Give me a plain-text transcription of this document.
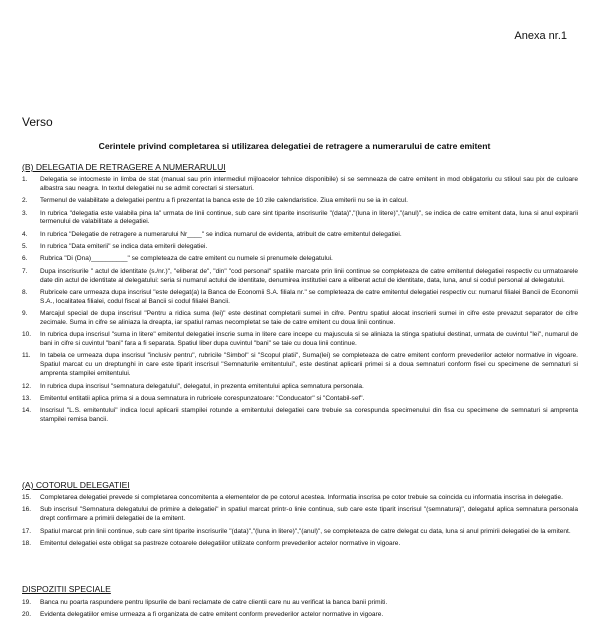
Anexa nr.1
Verso
Cerintele privind completarea si utilizarea delegatiei de retragere a numerarului de catre emitent
(B) DELEGATIA DE RETRAGERE A NUMERARULUI
1. Delegatia se intocmeste in limba de stat (manual sau prin intermediul mijloacelor tehnice disponibile) si se semneaza de catre emitent in mod obligatoriu cu stiloul sau pix de culoare albastra sau neagra. In textul delegatiei nu se admit corectari si stersaturi.
2. Termenul de valabilitate a delegatiei pentru a fi prezentat la banca este de 10 zile calendaristice. Ziua emiterii nu se ia in calcul.
3. In rubrica "delegatia este valabila pina la" urmata de linii continue, sub care sint tiparite inscrisurile "(data)","(luna in litere)","(anul)", se indica de catre emitent data, luna si anul expirarii termenului de valabilitate a delegatiei.
4. In rubrica "Delegatie de retragere a numerarului Nr____" se indica numarul de evidenta, atribuit de catre emitentul delegatiei.
5. In rubrica "Data emiterii" se indica data emiterii delegatiei.
6. Rubrica "Di (Dna)__________" se completeaza de catre emitent cu numele si prenumele delegatului.
7. Dupa inscrisurile " actul de identitate (s./nr.)", "eliberat de", "din" "cod personal" spatiile marcate prin linii continue se completeaza de catre emitentul delegatiei respectiv cu urmatoarele date din actul de identitate al delegatului: seria si numarul actului de identitate, denumirea institutiei care a eliberat actul de identitate, data, luna, anul si codul personal al delegatului.
8. Rubricele care urmeaza dupa inscrisul "este delegat(a) la Banca de Economii S.A. filiala nr." se completeaza de catre emitentul delegatiei respectiv cu: numarul filialei Bancii de Economii S.A., localitatea filialei, codul fiscal al Bancii si codul filialei Bancii.
9. Marcajul special de dupa inscrisul "Pentru a ridica suma (lei)" este destinat completarii sumei in cifre. Pentru spatiul alocat inscrierii sumei in cifre este prevazut separator de cifre zecimale. Suma in cifre se aliniaza la dreapta, iar spatiul ramas necompletat se taie de catre emitent cu doua linii continue.
10. In rubrica dupa inscrisul "suma in litere" emitentul delegatiei inscrie suma in litere care incepe cu majuscula si se aliniaza la stinga spatiului destinat, urmata de cuvintul "lei", numarul de bani in cifre si cuvintul "bani" fara a fi separata. Spatiul liber dupa cuvintul "bani" se taie cu doua linii continue.
11. In tabela ce urmeaza dupa inscrisul "inclusiv pentru", rubricile "Simbol" si "Scopul platii", Suma(lei) se completeaza de catre emitent conform prevederilor actelor normative in vigoare. Spatiul marcat cu un dreptunghi in care este tiparit inscrisul "Semnaturile emitentului", este destinat aplicarii primei si a doua semnaturi conform fisei cu specimene de semnaturi si amprenta stampilei emitentului.
12. In rubrica dupa inscrisul "semnatura delegatului", delegatul, in prezenta emitentului aplica semnatura personala.
13. Emitentul entitatii aplica prima si a doua semnatura in rubricele corespunzatoare: "Conducator" si "Contabil-sef".
14. Inscrisul "L.S. emitentului" indica locul aplicarii stampilei rotunde a emitentului delegatiei care trebuie sa corespunda specimenului din fisa cu specimene de semnaturi si amprenta stampilei remisa bancii.
(A) COTORUL DELEGATIEI
15. Completarea delegatiei prevede si completarea concomitenta a elementelor de pe cotorul acestea. Informatia inscrisa pe cotor trebuie sa coincida cu informatia inscrisa in delegatie.
16. Sub inscrisul "Semnatura delegatului de primire a delegatiei" in spatiul marcat printr-o linie continua, sub care este tiparit inscrisul "(semnatura)", delegatul aplica semnatura personala drept confirmare a primirii delegatiei de la emitent.
17. Spatiul marcat prin linii continue, sub care sint tiparite inscrisurile "(data)","(luna in litere)","(anul)", se completeaza de catre delegat cu data, luna si anul primirii delegatiei de la emitent.
18. Emitentul delegatiei este obligat sa pastreze cotoarele delegatiilor utilizate conform prevederilor actelor normative in vigoare.
DISPOZITII SPECIALE
19. Banca nu poarta raspundere pentru lipsurile de bani reclamate de catre clientii care nu au verificat la banca banii primiti.
20. Evidenta delegatiilor emise urmeaza a fi organizata de catre emitent conform prevederilor actelor normative in vigoare.
